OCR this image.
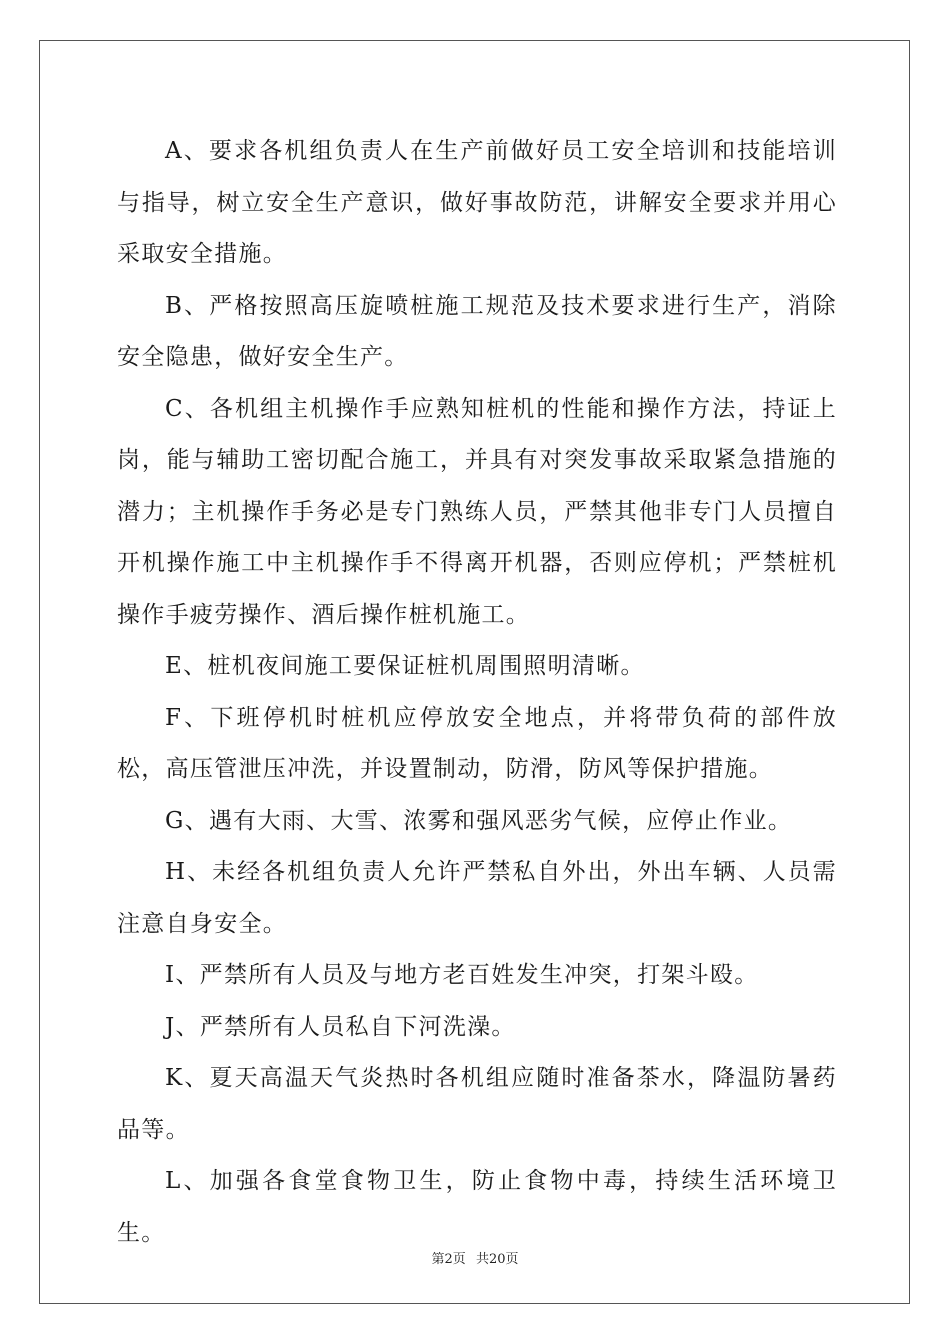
A、要求各机组负责人在生产前做好员工安全培训和技能培训与指导，树立安全生产意识，做好事故防范，讲解安全要求并用心采取安全措施。

B、严格按照高压旋喷桩施工规范及技术要求进行生产，消除安全隐患，做好安全生产。

C、各机组主机操作手应熟知桩机的性能和操作方法，持证上岗，能与辅助工密切配合施工，并具有对突发事故采取紧急措施的潜力；主机操作手务必是专门熟练人员，严禁其他非专门人员擅自开机操作施工中主机操作手不得离开机器，否则应停机；严禁桩机操作手疲劳操作、酒后操作桩机施工。

E、桩机夜间施工要保证桩机周围照明清晰。

F、下班停机时桩机应停放安全地点，并将带负荷的部件放松，高压管泄压冲洗，并设置制动，防滑，防风等保护措施。

G、遇有大雨、大雪、浓雾和强风恶劣气候，应停止作业。

H、未经各机组负责人允许严禁私自外出，外出车辆、人员需注意自身安全。

I、严禁所有人员及与地方老百姓发生冲突，打架斗殴。

J、严禁所有人员私自下河洗澡。

K、夏天高温天气炎热时各机组应随时准备茶水，降温防暑药品等。

L、加强各食堂食物卫生，防止食物中毒，持续生活环境卫生。

第2页 共20页
